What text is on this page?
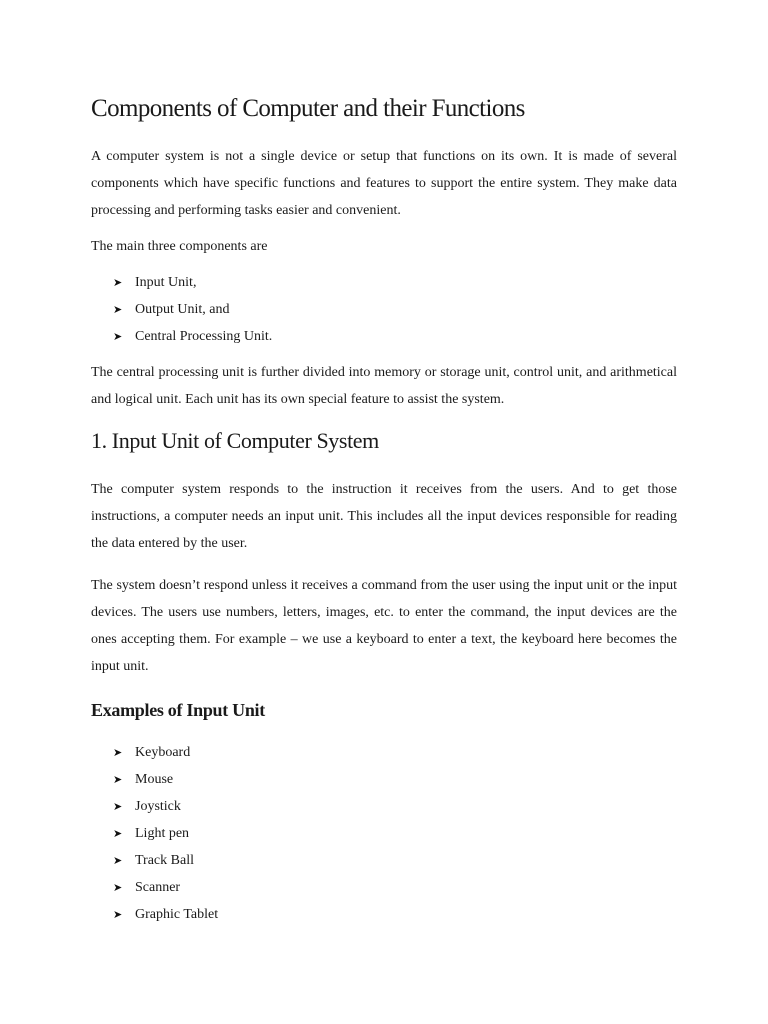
Components of Computer and their Functions

A computer system is not a single device or setup that functions on its own. It is made of several components which have specific functions and features to support the entire system. They make data processing and performing tasks easier and convenient.

The main three components are

➤ Input Unit,
➤ Output Unit, and
➤ Central Processing Unit.

The central processing unit is further divided into memory or storage unit, control unit, and arithmetical and logical unit. Each unit has its own special feature to assist the system.

1. Input Unit of Computer System

The computer system responds to the instruction it receives from the users. And to get those instructions, a computer needs an input unit. This includes all the input devices responsible for reading the data entered by the user.

The system doesn’t respond unless it receives a command from the user using the input unit or the input devices. The users use numbers, letters, images, etc. to enter the command, the input devices are the ones accepting them. For example – we use a keyboard to enter a text, the keyboard here becomes the input unit.

Examples of Input Unit
➤ Keyboard
➤ Mouse
➤ Joystick
➤ Light pen
➤ Track Ball
➤ Scanner
➤ Graphic Tablet
